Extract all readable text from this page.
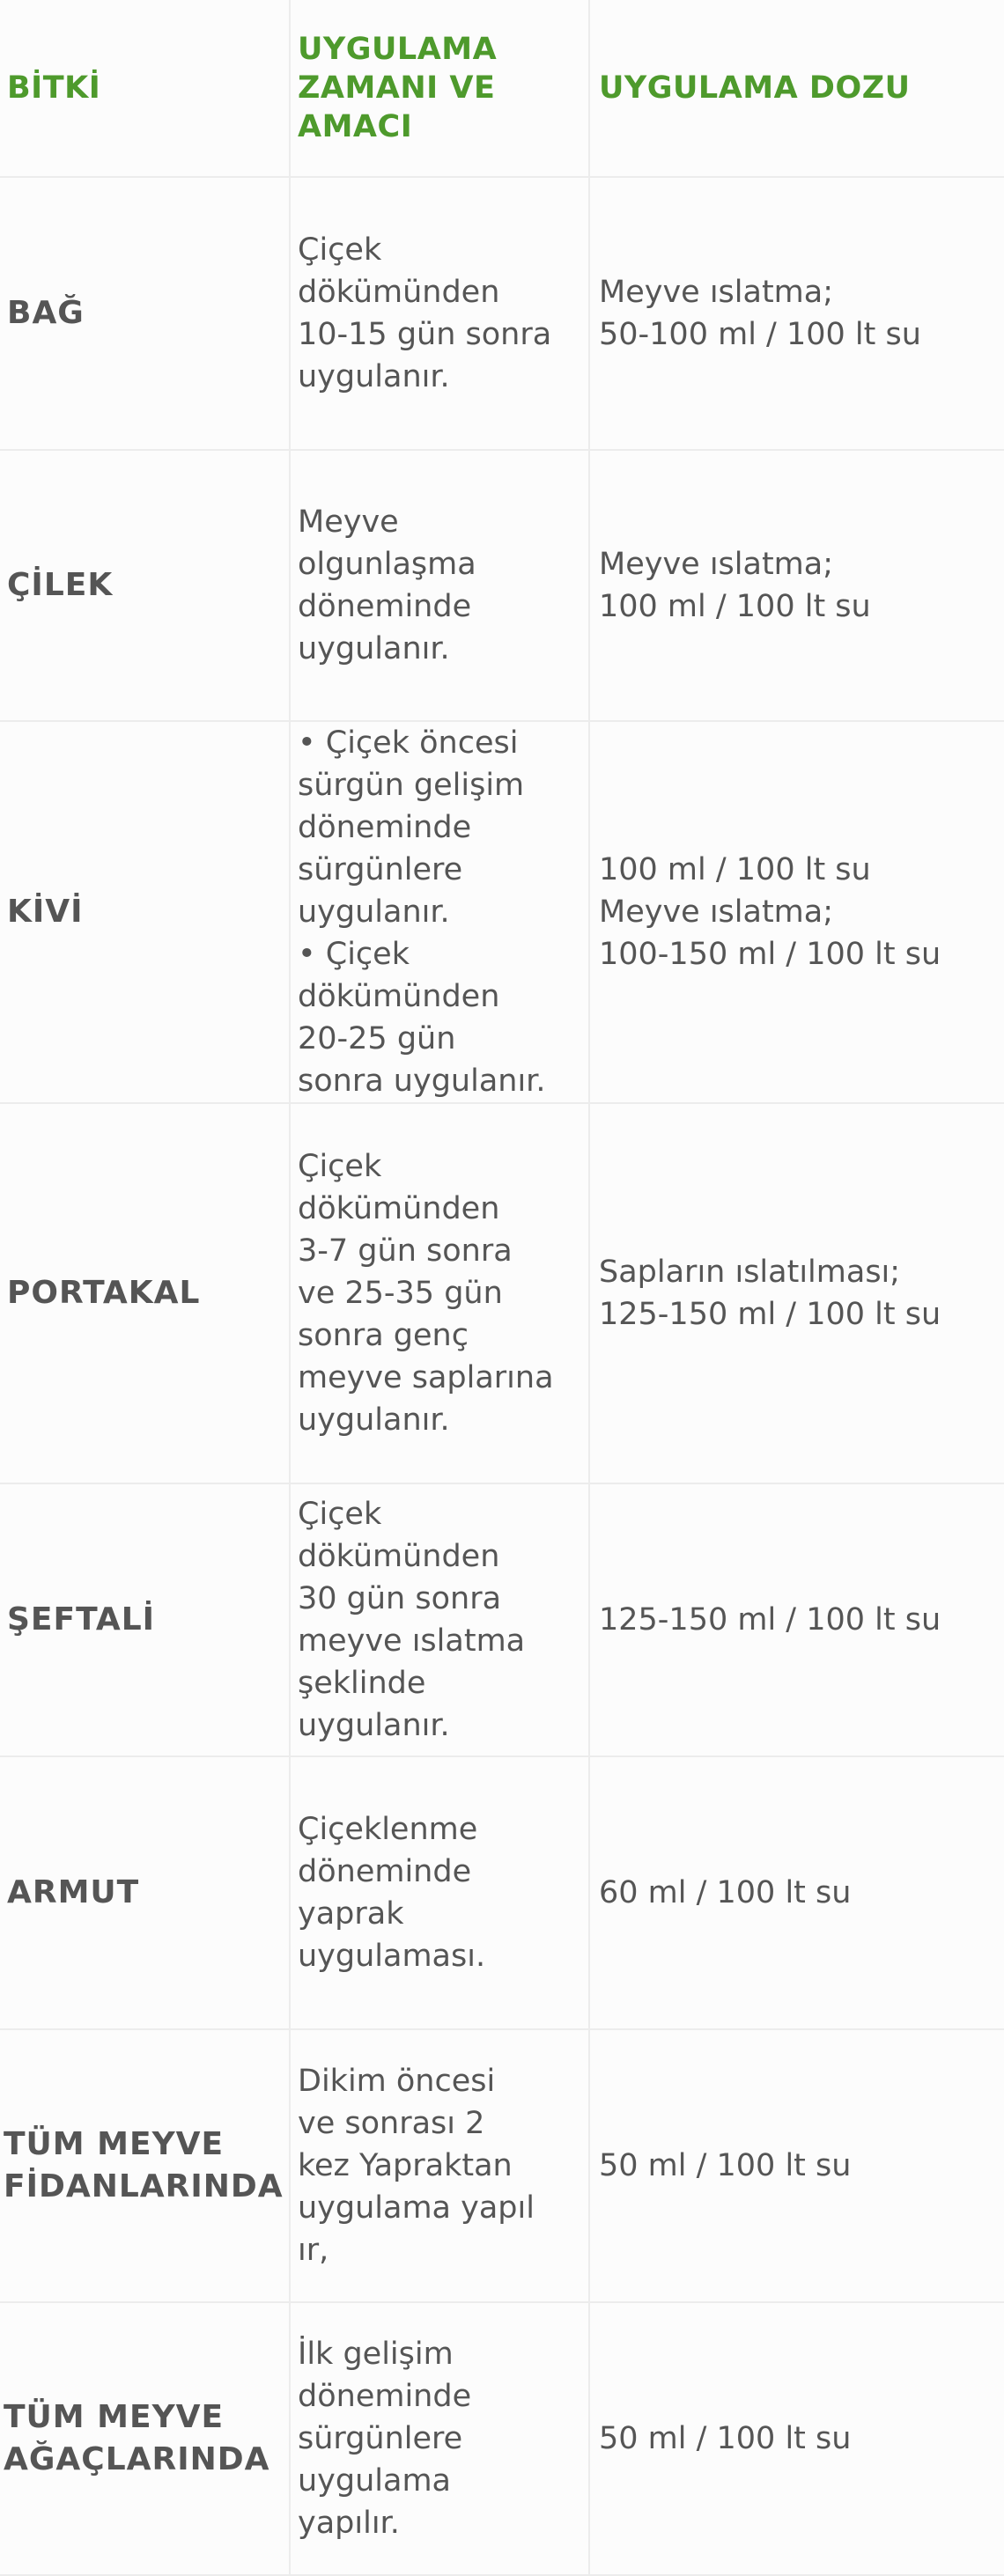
BİTKİ
UYGULAMA
ZAMANI VE
AMACI
UYGULAMA DOZU
BAĞ
Çiçek
dökümünden
10-15 gün sonra
uygulanır.
Meyve ıslatma;
50-100 ml / 100 lt su
ÇİLEK
Meyve
olgunlaşma
döneminde
uygulanır.
Meyve ıslatma;
100 ml / 100 lt su
KİVİ
• Çiçek öncesi
sürgün gelişim
döneminde
sürgünlere
uygulanır.
• Çiçek
dökümünden
20-25 gün
sonra uygulanır.
100 ml / 100 lt su
Meyve ıslatma;
100-150 ml / 100 lt su
PORTAKAL
Çiçek
dökümünden
3-7 gün sonra
ve 25-35 gün
sonra genç
meyve saplarına
uygulanır.
Sapların ıslatılması;
125-150 ml / 100 lt su
ŞEFTALİ
Çiçek
dökümünden
30 gün sonra
meyve ıslatma
şeklinde
uygulanır.
125-150 ml / 100 lt su
ARMUT
Çiçeklenme
döneminde
yaprak
uygulaması.
60 ml / 100 lt su
TÜM MEYVE
FİDANLARINDA
Dikim öncesi
ve sonrası 2
kez Yapraktan
uygulama yapıl
ır,
50 ml / 100 lt su
TÜM MEYVE
AĞAÇLARINDA
İlk gelişim
döneminde
sürgünlere
uygulama
yapılır.
50 ml / 100 lt su
